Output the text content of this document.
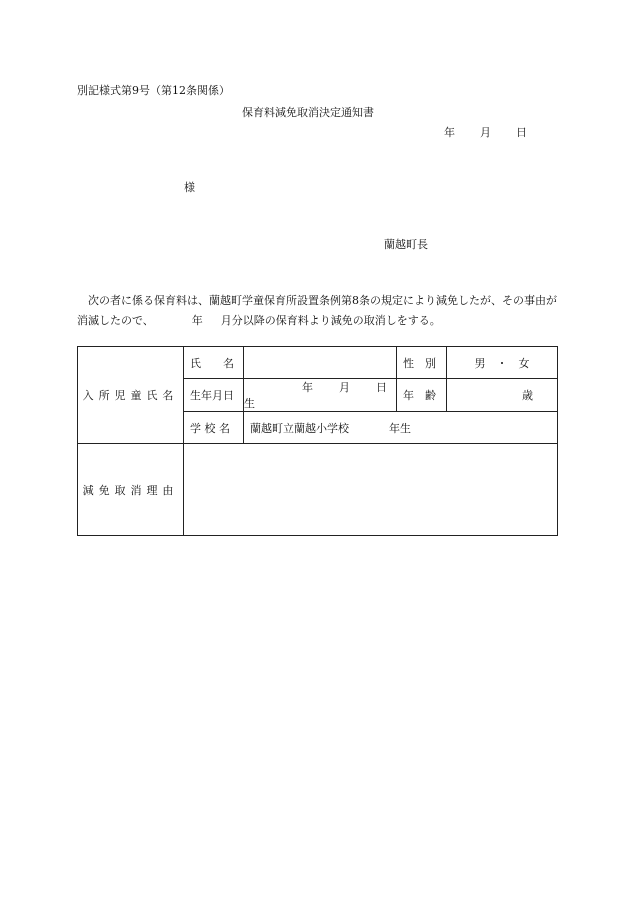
別記様式第9号（第12条関係）
保育料減免取消決定通知書
年 月 日
様
蘭越町長
次の者に係る保育料は、蘭越町学童保育所設置条例第8条の規定により減免したが、その事由が消滅したので、	年 月分以降の保育料より減免の取消しをする。
入所児童氏名	氏　　名		性　別	男　・　女
	生年月日	年 月 日生	年　齢	歳
	学 校 名	蘭越町立蘭越小学校 年生		
減免取消理由				
